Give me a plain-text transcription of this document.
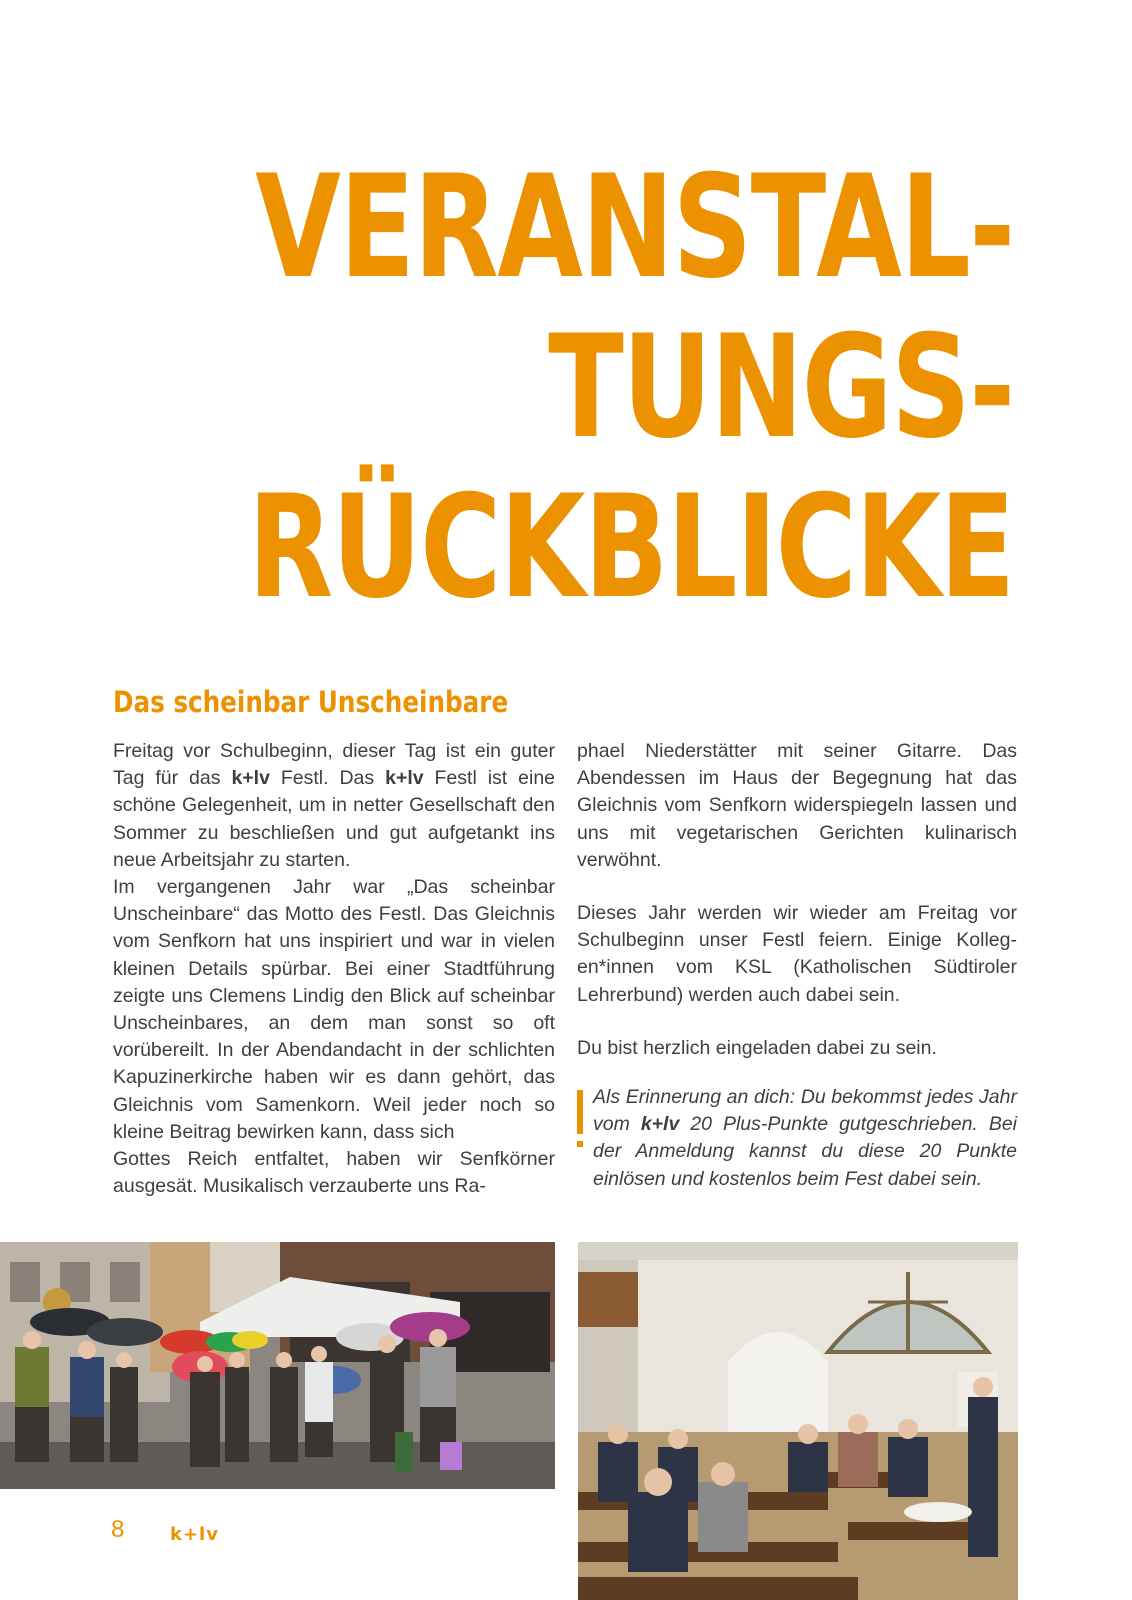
VERANSTAL-
TUNGS-
RÜCKBLICKE
Das scheinbar Unscheinbare

Freitag vor Schulbeginn, dieser Tag ist ein guter Tag für das k+lv Festl. Das k+lv Festl ist eine schöne Gelegenheit, um in netter Gesellschaft den Sommer zu beschließen und gut aufgetankt ins neue Arbeitsjahr zu starten.

Im vergangenen Jahr war „Das scheinbar Unscheinbare“ das Motto des Festl. Das Gleichnis vom Senfkorn hat uns inspiriert und war in vielen kleinen Details spürbar. Bei einer Stadtführung zeigte uns Clemens Lindig den Blick auf scheinbar Unscheinbares, an dem man sonst so oft vorübereilt. In der Abendandacht in der schlichten Kapuzinerkirche haben wir es dann gehört, das Gleichnis vom Samenkorn. Weil jeder noch so kleine Beitrag bewirken kann, dass sich

Gottes Reich entfaltet, haben wir Senfkörner ausgesät. Musikalisch verzauberte uns Ra-

phael Niederstätter mit seiner Gitarre. Das Abendessen im Haus der Begegnung hat das Gleichnis vom Senfkorn widerspiegeln lassen und uns mit vegetarischen Gerichten kulinarisch verwöhnt.

Dieses Jahr werden wir wieder am Freitag vor Schulbeginn unser Festl feiern. Einige Kollegen*innen vom KSL (Katholischen Südtiroler Lehrerbund) werden auch dabei sein.

Du bist herzlich eingeladen dabei zu sein.

Als Erinnerung an dich: Du bekommst jedes Jahr vom k+lv 20 Plus-Punkte gutgeschrieben. Bei der Anmeldung kannst du diese 20 Punkte einlösen und kostenlos beim Fest dabei sein.

8	k+lv
